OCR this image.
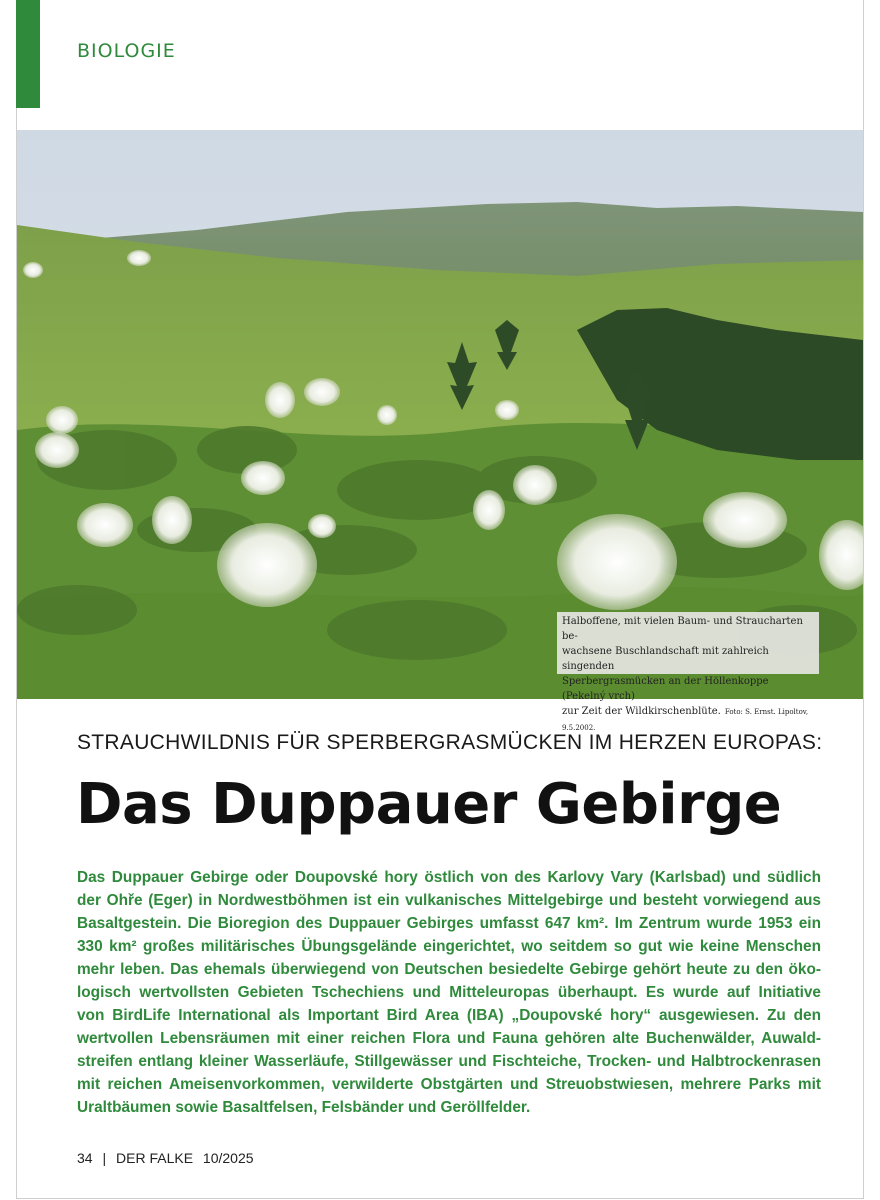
BIOLOGIE
Halboffene, mit vielen Baum- und Straucharten be-
wachsene Buschlandschaft mit zahlreich singenden
Sperbergrasmücken an der Höllenkoppe (Pekelný vrch)
zur Zeit der Wildkirschenblüte. Foto: S. Ernst. Lipoltov, 9.5.2002.
STRAUCHWILDNIS FÜR SPERBERGRASMÜCKEN IM HERZEN EUROPAS:
Das Duppauer Gebirge
Das Duppauer Gebirge oder Doupovské hory östlich von des Karlovy Vary (Karlsbad) und südlich
der Ohře (Eger) in Nordwestböhmen ist ein vulkanisches Mittelgebirge und besteht vorwiegend aus
Basaltgestein. Die Bioregion des Duppauer Gebirges umfasst 647 km². Im Zentrum wurde 1953 ein
330 km² großes militärisches Übungsgelände eingerichtet, wo seitdem so gut wie keine Menschen
mehr leben. Das ehemals überwiegend von Deutschen besiedelte Gebirge gehört heute zu den öko-
logisch wertvollsten Gebieten Tschechiens und Mitteleuropas überhaupt. Es wurde auf Initiative
von BirdLife International als Important Bird Area (IBA) „Doupovské hory“ ausgewiesen. Zu den
wertvollen Lebensräumen mit einer reichen Flora und Fauna gehören alte Buchenwälder, Auwald-
streifen entlang kleiner Wasserläufe, Stillgewässer und Fischteiche, Trocken- und Halbtrockenrasen
mit reichen Ameisenvorkommen, verwilderte Obstgärten und Streuobstwiesen, mehrere Parks mit
Uraltbäumen sowie Basaltfelsen, Felsbänder und Geröllfelder.
34 | DER FALKE 10/2025
